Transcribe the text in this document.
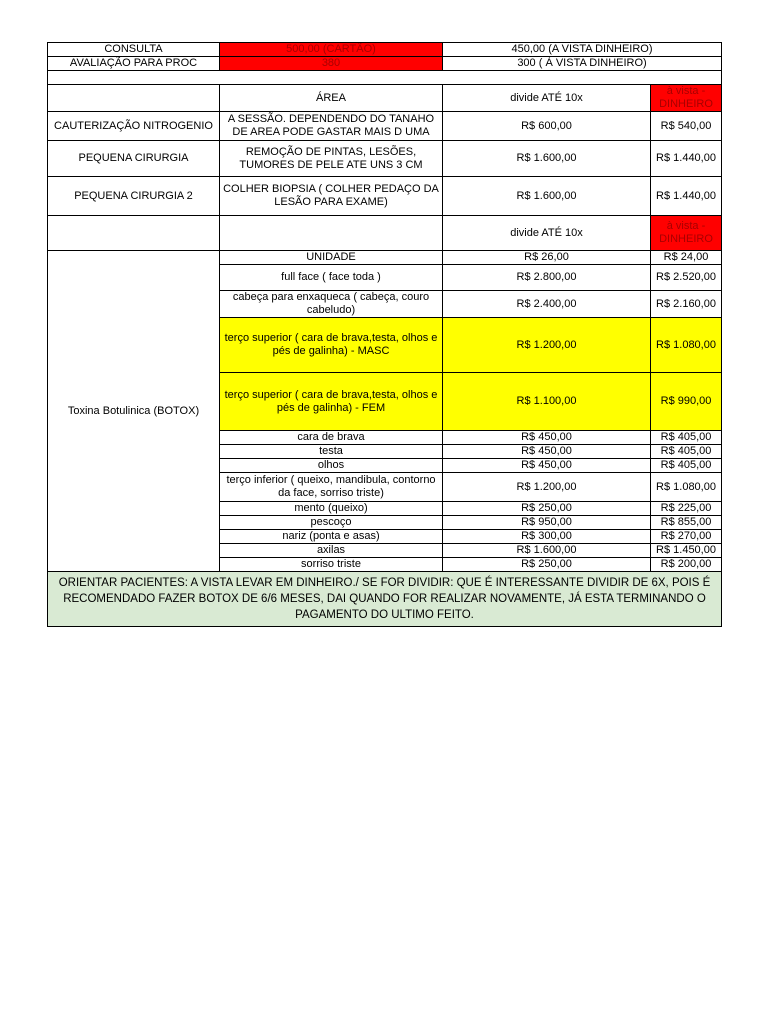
CONSULTA	500,00 (CARTÃO)	450,00 (A VISTA DINHEIRO)	
AVALIAÇÃO PARA PROC	380	300 ( À VISTA DINHEIRO)	

	ÁREA	divide ATÉ 10x	à vista - DINHEIRO
CAUTERIZAÇÃO NITROGENIO	A SESSÃO. DEPENDENDO DO TANAHO DE AREA PODE GASTAR MAIS D UMA	R$ 600,00	R$ 540,00
PEQUENA CIRURGIA	REMOÇÃO DE PINTAS, LESÕES, TUMORES DE PELE ATE UNS 3 CM	R$ 1.600,00	R$ 1.440,00
PEQUENA CIRURGIA 2	COLHER BIOPSIA ( COLHER PEDAÇO DA LESÃO PARA EXAME)	R$ 1.600,00	R$ 1.440,00
		divide ATÉ 10x	à vista - DINHEIRO
Toxina Botulinica (BOTOX)	UNIDADE	R$ 26,00	R$ 24,00
	full face ( face toda )	R$ 2.800,00	R$ 2.520,00
	cabeça para enxaqueca ( cabeça, couro cabeludo)	R$ 2.400,00	R$ 2.160,00
	terço superior ( cara de brava,testa, olhos e pés de galinha) - MASC	R$ 1.200,00	R$ 1.080,00
	terço superior ( cara de brava,testa, olhos e pés de galinha) - FEM	R$ 1.100,00	R$ 990,00
	cara de brava	R$ 450,00	R$ 405,00
	testa	R$ 450,00	R$ 405,00
	olhos	R$ 450,00	R$ 405,00
	terço inferior ( queixo, mandibula, contorno da face, sorriso triste)	R$ 1.200,00	R$ 1.080,00
	mento (queixo)	R$ 250,00	R$ 225,00
	pescoço	R$ 950,00	R$ 855,00
	nariz (ponta e asas)	R$ 300,00	R$ 270,00
	axilas	R$ 1.600,00	R$ 1.450,00
	sorriso triste	R$ 250,00	R$ 200,00
ORIENTAR PACIENTES: A VISTA LEVAR EM DINHEIRO./ SE FOR DIVIDIR: QUE É INTERESSANTE DIVIDIR DE 6X, POIS É RECOMENDADO FAZER BOTOX DE 6/6 MESES, DAI QUANDO FOR REALIZAR NOVAMENTE, JÁ ESTA TERMINANDO O PAGAMENTO DO ULTIMO FEITO.			
